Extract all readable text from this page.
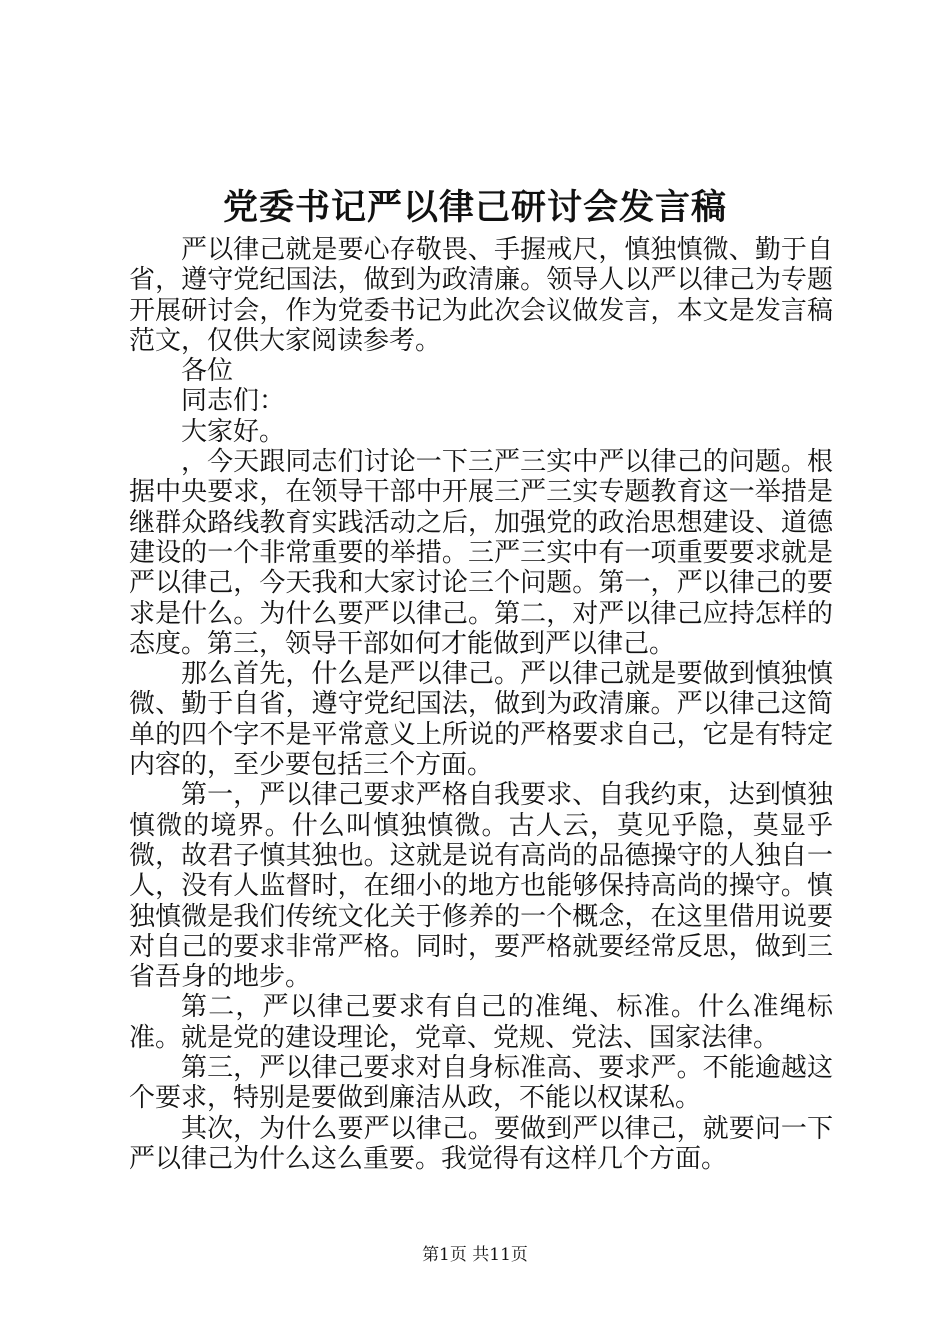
党委书记严以律己研讨会发言稿

严以律己就是要心存敬畏、手握戒尺，慎独慎微、勤于自省，遵守党纪国法，做到为政清廉。领导人以严以律己为专题开展研讨会，作为党委书记为此次会议做发言，本文是发言稿范文，仅供大家阅读参考。

各位

同志们：

大家好。

，今天跟同志们讨论一下三严三实中严以律己的问题。根据中央要求，在领导干部中开展三严三实专题教育这一举措是继群众路线教育实践活动之后，加强党的政治思想建设、道德建设的一个非常重要的举措。三严三实中有一项重要要求就是严以律己，今天我和大家讨论三个问题。第一，严以律己的要求是什么。为什么要严以律己。第二，对严以律己应持怎样的态度。第三，领导干部如何才能做到严以律己。

那么首先，什么是严以律己。严以律己就是要做到慎独慎微、勤于自省，遵守党纪国法，做到为政清廉。严以律己这简单的四个字不是平常意义上所说的严格要求自己，它是有特定内容的，至少要包括三个方面。

第一，严以律己要求严格自我要求、自我约束，达到慎独慎微的境界。什么叫慎独慎微。古人云，莫见乎隐，莫显乎微，故君子慎其独也。这就是说有高尚的品德操守的人独自一人，没有人监督时，在细小的地方也能够保持高尚的操守。慎独慎微是我们传统文化关于修养的一个概念，在这里借用说要对自己的要求非常严格。同时，要严格就要经常反思，做到三省吾身的地步。

第二，严以律己要求有自己的准绳、标准。什么准绳标准。就是党的建设理论，党章、党规、党法、国家法律。

第三，严以律己要求对自身标准高、要求严。不能逾越这个要求，特别是要做到廉洁从政，不能以权谋私。

其次，为什么要严以律己。要做到严以律己，就要问一下严以律己为什么这么重要。我觉得有这样几个方面。

第1页 共11页
